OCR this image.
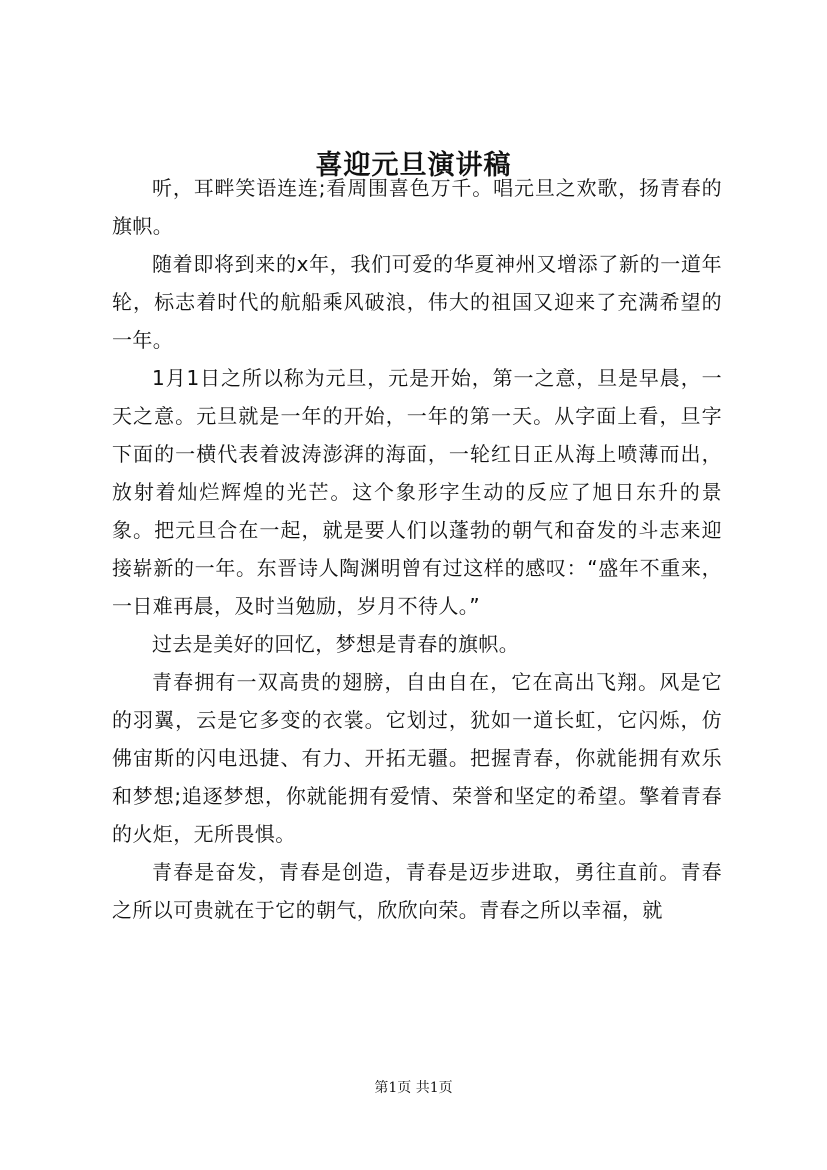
喜迎元旦演讲稿

听，耳畔笑语连连;看周围喜色万千。唱元旦之欢歌，扬青春的旗帜。

随着即将到来的x年，我们可爱的华夏神州又增添了新的一道年轮，标志着时代的航船乘风破浪，伟大的祖国又迎来了充满希望的一年。

1月1日之所以称为元旦，元是开始，第一之意，旦是早晨，一天之意。元旦就是一年的开始，一年的第一天。从字面上看，旦字下面的一横代表着波涛澎湃的海面，一轮红日正从海上喷薄而出，放射着灿烂辉煌的光芒。这个象形字生动的反应了旭日东升的景象。把元旦合在一起，就是要人们以蓬勃的朝气和奋发的斗志来迎接崭新的一年。东晋诗人陶渊明曾有过这样的感叹：“盛年不重来，一日难再晨，及时当勉励，岁月不待人。”

过去是美好的回忆，梦想是青春的旗帜。

青春拥有一双高贵的翅膀，自由自在，它在高出飞翔。风是它的羽翼，云是它多变的衣裳。它划过，犹如一道长虹，它闪烁，仿佛宙斯的闪电迅捷、有力、开拓无疆。把握青春，你就能拥有欢乐和梦想;追逐梦想，你就能拥有爱情、荣誉和坚定的希望。擎着青春的火炬，无所畏惧。

青春是奋发，青春是创造，青春是迈步进取，勇往直前。青春之所以可贵就在于它的朝气，欣欣向荣。青春之所以幸福，就

第1页 共1页
